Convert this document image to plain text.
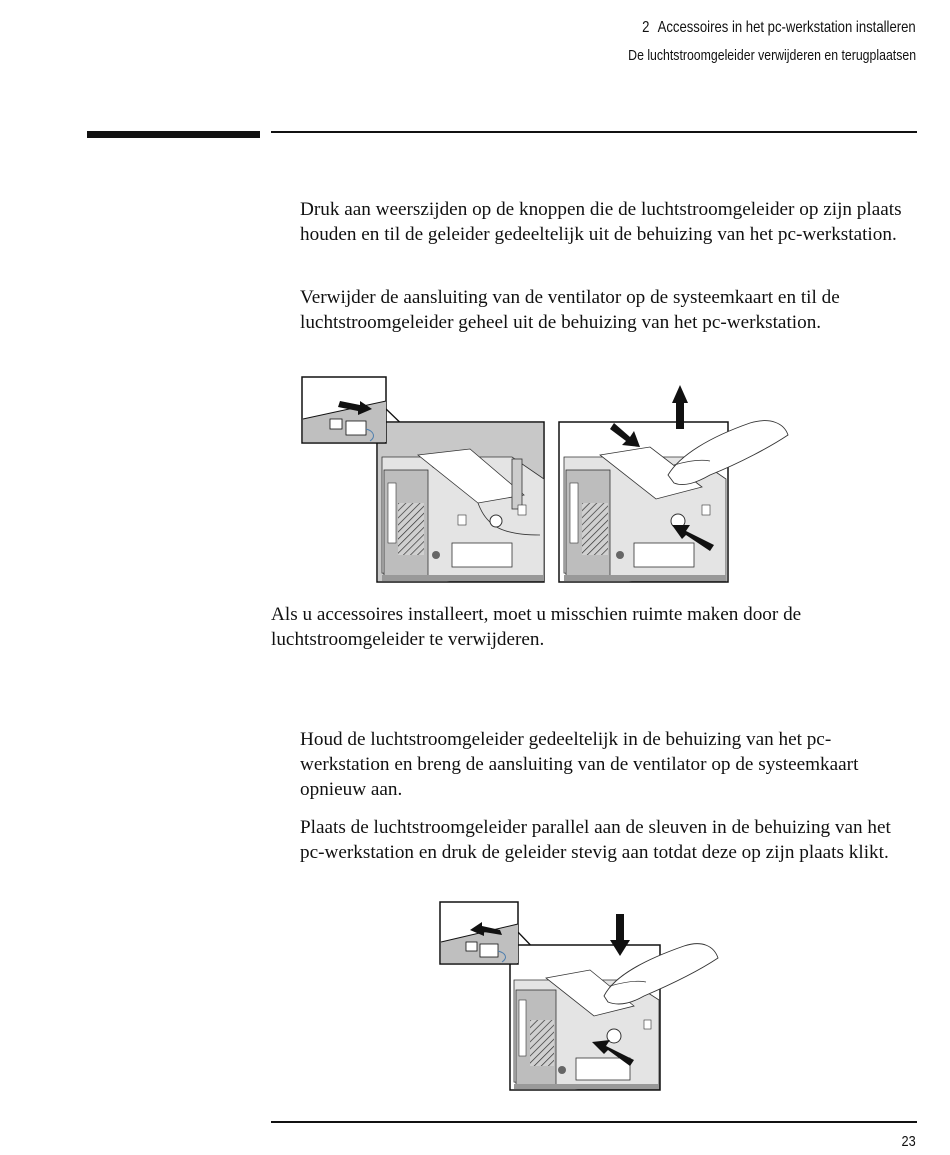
2 Accessoires in het pc-werkstation installeren
De luchtstroomgeleider verwijderen en terugplaatsen

Druk aan weerszijden op de knoppen die de luchtstroomgeleider op zijn plaats houden en til de geleider gedeeltelijk uit de behuizing van het pc-werkstation.

Verwijder de aansluiting van de ventilator op de systeemkaart en til de luchtstroomgeleider geheel uit de behuizing van het pc-werkstation.

Als u accessoires installeert, moet u misschien ruimte maken door de luchtstroomgeleider te verwijderen.

Houd de luchtstroomgeleider gedeeltelijk in de behuizing van het pc-werkstation en breng de aansluiting van de ventilator op de systeemkaart opnieuw aan.

Plaats de luchtstroomgeleider parallel aan de sleuven in de behuizing van het pc-werkstation en druk de geleider stevig aan totdat deze op zijn plaats klikt.

23
